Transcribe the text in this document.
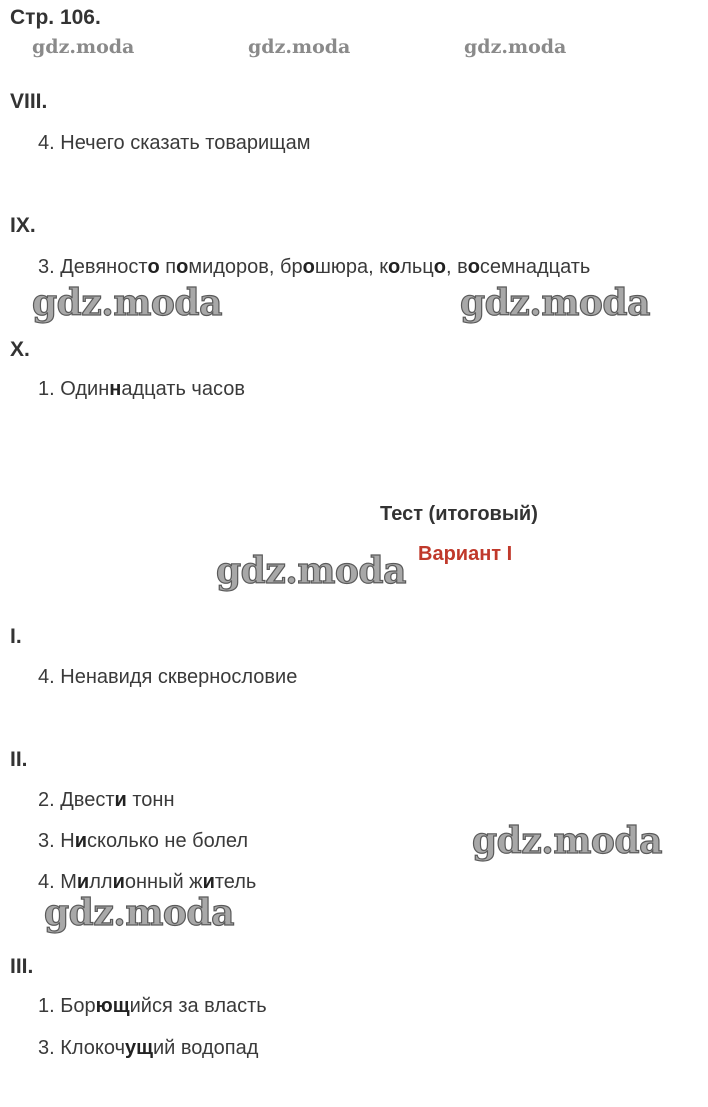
Стр. 106.
gdz.moda	gdz.moda	gdz.moda
VIII.
4. Нечего сказать товарищам
IX.
3. Девяносто помидоров, брошюра, кольцо, восемнадцать
gdz.moda	gdz.moda
X.
1. Одиннадцать часов
Тест (итоговый)
gdz.moda Вариант I
I.
4. Ненавидя сквернословие
II.
2. Двести тонн
3. Нисколько не болел	gdz.moda
4. Миллионный житель
gdz.moda
III.
1. Борющийся за власть
3. Клокочущий водопад
